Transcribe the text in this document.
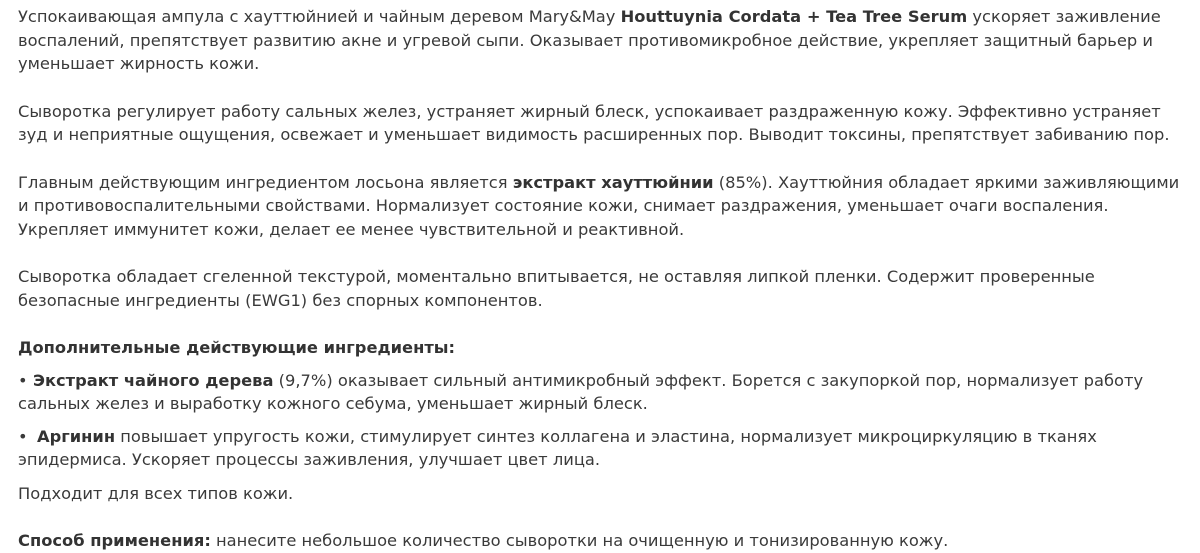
Успокаивающая ампула с хауттюйнией и чайным деревом Mary&May Houttuynia Cordata + Tea Tree Serum ускоряет заживление воспалений, препятствует развитию акне и угревой сыпи. Оказывает противомикробное действие, укрепляет защитный барьер и уменьшает жирность кожи.

Сыворотка регулирует работу сальных желез, устраняет жирный блеск, успокаивает раздраженную кожу. Эффективно устраняет зуд и неприятные ощущения, освежает и уменьшает видимость расширенных пор. Выводит токсины, препятствует забиванию пор.

Главным действующим ингредиентом лосьона является экстракт хауттюйнии (85%). Хауттюйния обладает яркими заживляющими и противовоспалительными свойствами. Нормализует состояние кожи, снимает раздражения, уменьшает очаги воспаления. Укрепляет иммунитет кожи, делает ее менее чувствительной и реактивной.

Сыворотка обладает сгеленной текстурой, моментально впитывается, не оставляя липкой пленки. Содержит проверенные безопасные ингредиенты (EWG1) без спорных компонентов.

Дополнительные действующие ингредиенты:

• Экстракт чайного дерева (9,7%) оказывает сильный антимикробный эффект. Борется с закупоркой пор, нормализует работу сальных желез и выработку кожного себума, уменьшает жирный блеск.

• Аргинин повышает упругость кожи, стимулирует синтез коллагена и эластина, нормализует микроциркуляцию в тканях эпидермиса. Ускоряет процессы заживления, улучшает цвет лица.

Подходит для всех типов кожи.

Способ применения: нанесите небольшое количество сыворотки на очищенную и тонизированную кожу.
